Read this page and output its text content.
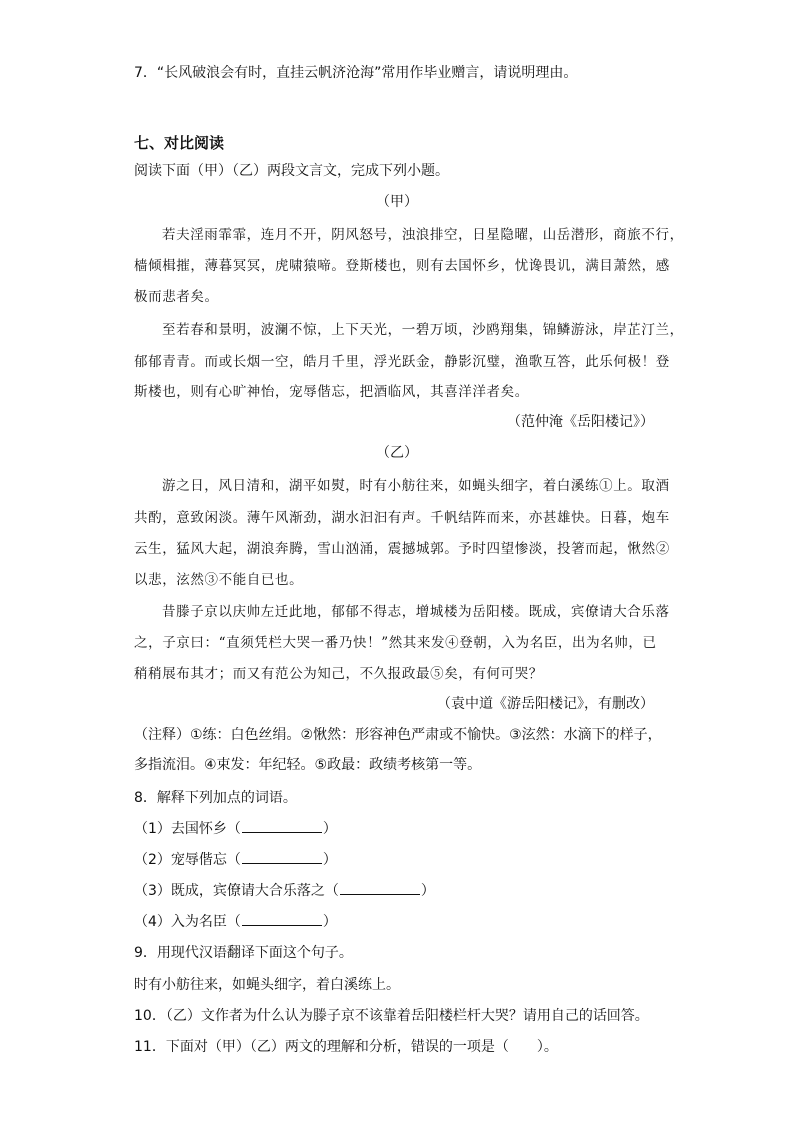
7．“长风破浪会有时，直挂云帆济沧海”常用作毕业赠言，请说明理由。
七、对比阅读
阅读下面（甲）（乙）两段文言文，完成下列小题。
（甲）
若夫淫雨霏霏，连月不开，阴风怒号，浊浪排空，日星隐曜，山岳潜形，商旅不行，
樯倾楫摧，薄暮冥冥，虎啸猿啼。登斯楼也，则有去国怀乡，忧谗畏讥，满目萧然，感
极而悲者矣。
至若春和景明，波澜不惊，上下天光，一碧万顷，沙鸥翔集，锦鳞游泳，岸芷汀兰，
郁郁青青。而或长烟一空，皓月千里，浮光跃金，静影沉璧，渔歌互答，此乐何极！登
斯楼也，则有心旷神怡，宠辱偕忘，把酒临风，其喜洋洋者矣。
（范仲淹《岳阳楼记》）
（乙）
游之日，风日清和，湖平如熨，时有小舫往来，如蝇头细字，着白溪练①上。取酒
共酌，意致闲淡。薄午风渐劲，湖水汩汩有声。千帆结阵而来，亦甚雄快。日暮，炮车
云生，猛风大起，湖浪奔腾，雪山汹涌，震撼城郭。予时四望惨淡，投箸而起，愀然②
以悲，泫然③不能自已也。
昔滕子京以庆帅左迁此地，郁郁不得志，增城楼为岳阳楼。既成，宾僚请大合乐落
之，子京曰：“直须凭栏大哭一番乃快！”然其来发④登朝，入为名臣，出为名帅，已
稍稍展布其才；而又有范公为知己，不久报政最⑤矣，有何可哭？
（袁中道《游岳阳楼记》，有删改）
（注释）①练：白色丝绢。②愀然：形容神色严肃或不愉快。③泫然：水滴下的样子，
多指流泪。④束发：年纪轻。⑤政最：政绩考核第一等。
8．解释下列加点的词语。
（1）去国怀乡（	）
（2）宠辱偕忘（	）
（3）既成，宾僚请大合乐落之（	）
（4）入为名臣（	）
9．用现代汉语翻译下面这个句子。
时有小舫往来，如蝇头细字，着白溪练上。
10．（乙）文作者为什么认为滕子京不该靠着岳阳楼栏杆大哭？请用自己的话回答。
11．下面对（甲）（乙）两文的理解和分析，错误的一项是（　　）。
